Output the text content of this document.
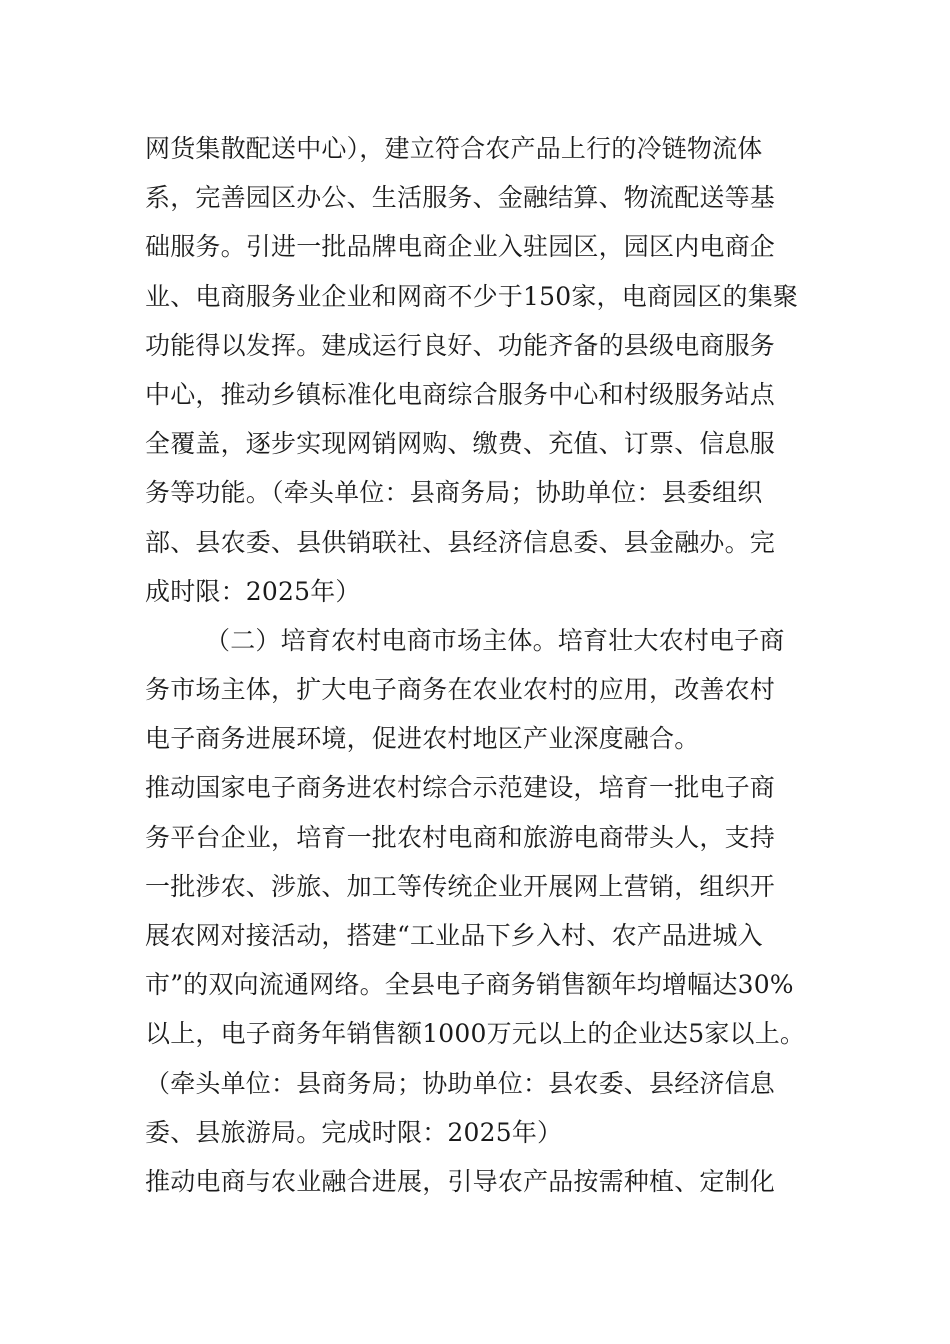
网货集散配送中心），建立符合农产品上行的冷链物流体
系，完善园区办公、生活服务、金融结算、物流配送等基
础服务。引进一批品牌电商企业入驻园区，园区内电商企
业、电商服务业企业和网商不少于150家，电商园区的集聚
功能得以发挥。建成运行良好、功能齐备的县级电商服务
中心，推动乡镇标准化电商综合服务中心和村级服务站点
全覆盖，逐步实现网销网购、缴费、充值、订票、信息服
务等功能。（牵头单位：县商务局；协助单位：县委组织
部、县农委、县供销联社、县经济信息委、县金融办。完
成时限：2025年）
（二）培育农村电商市场主体。培育壮大农村电子商
务市场主体，扩大电子商务在农业农村的应用，改善农村
电子商务进展环境，促进农村地区产业深度融合。
推动国家电子商务进农村综合示范建设，培育一批电子商
务平台企业，培育一批农村电商和旅游电商带头人，支持
一批涉农、涉旅、加工等传统企业开展网上营销，组织开
展农网对接活动，搭建“工业品下乡入村、农产品进城入
市”的双向流通网络。全县电子商务销售额年均增幅达30%
以上，电子商务年销售额1000万元以上的企业达5家以上。
（牵头单位：县商务局；协助单位：县农委、县经济信息
委、县旅游局。完成时限：2025年）
推动电商与农业融合进展，引导农产品按需种植、定制化
